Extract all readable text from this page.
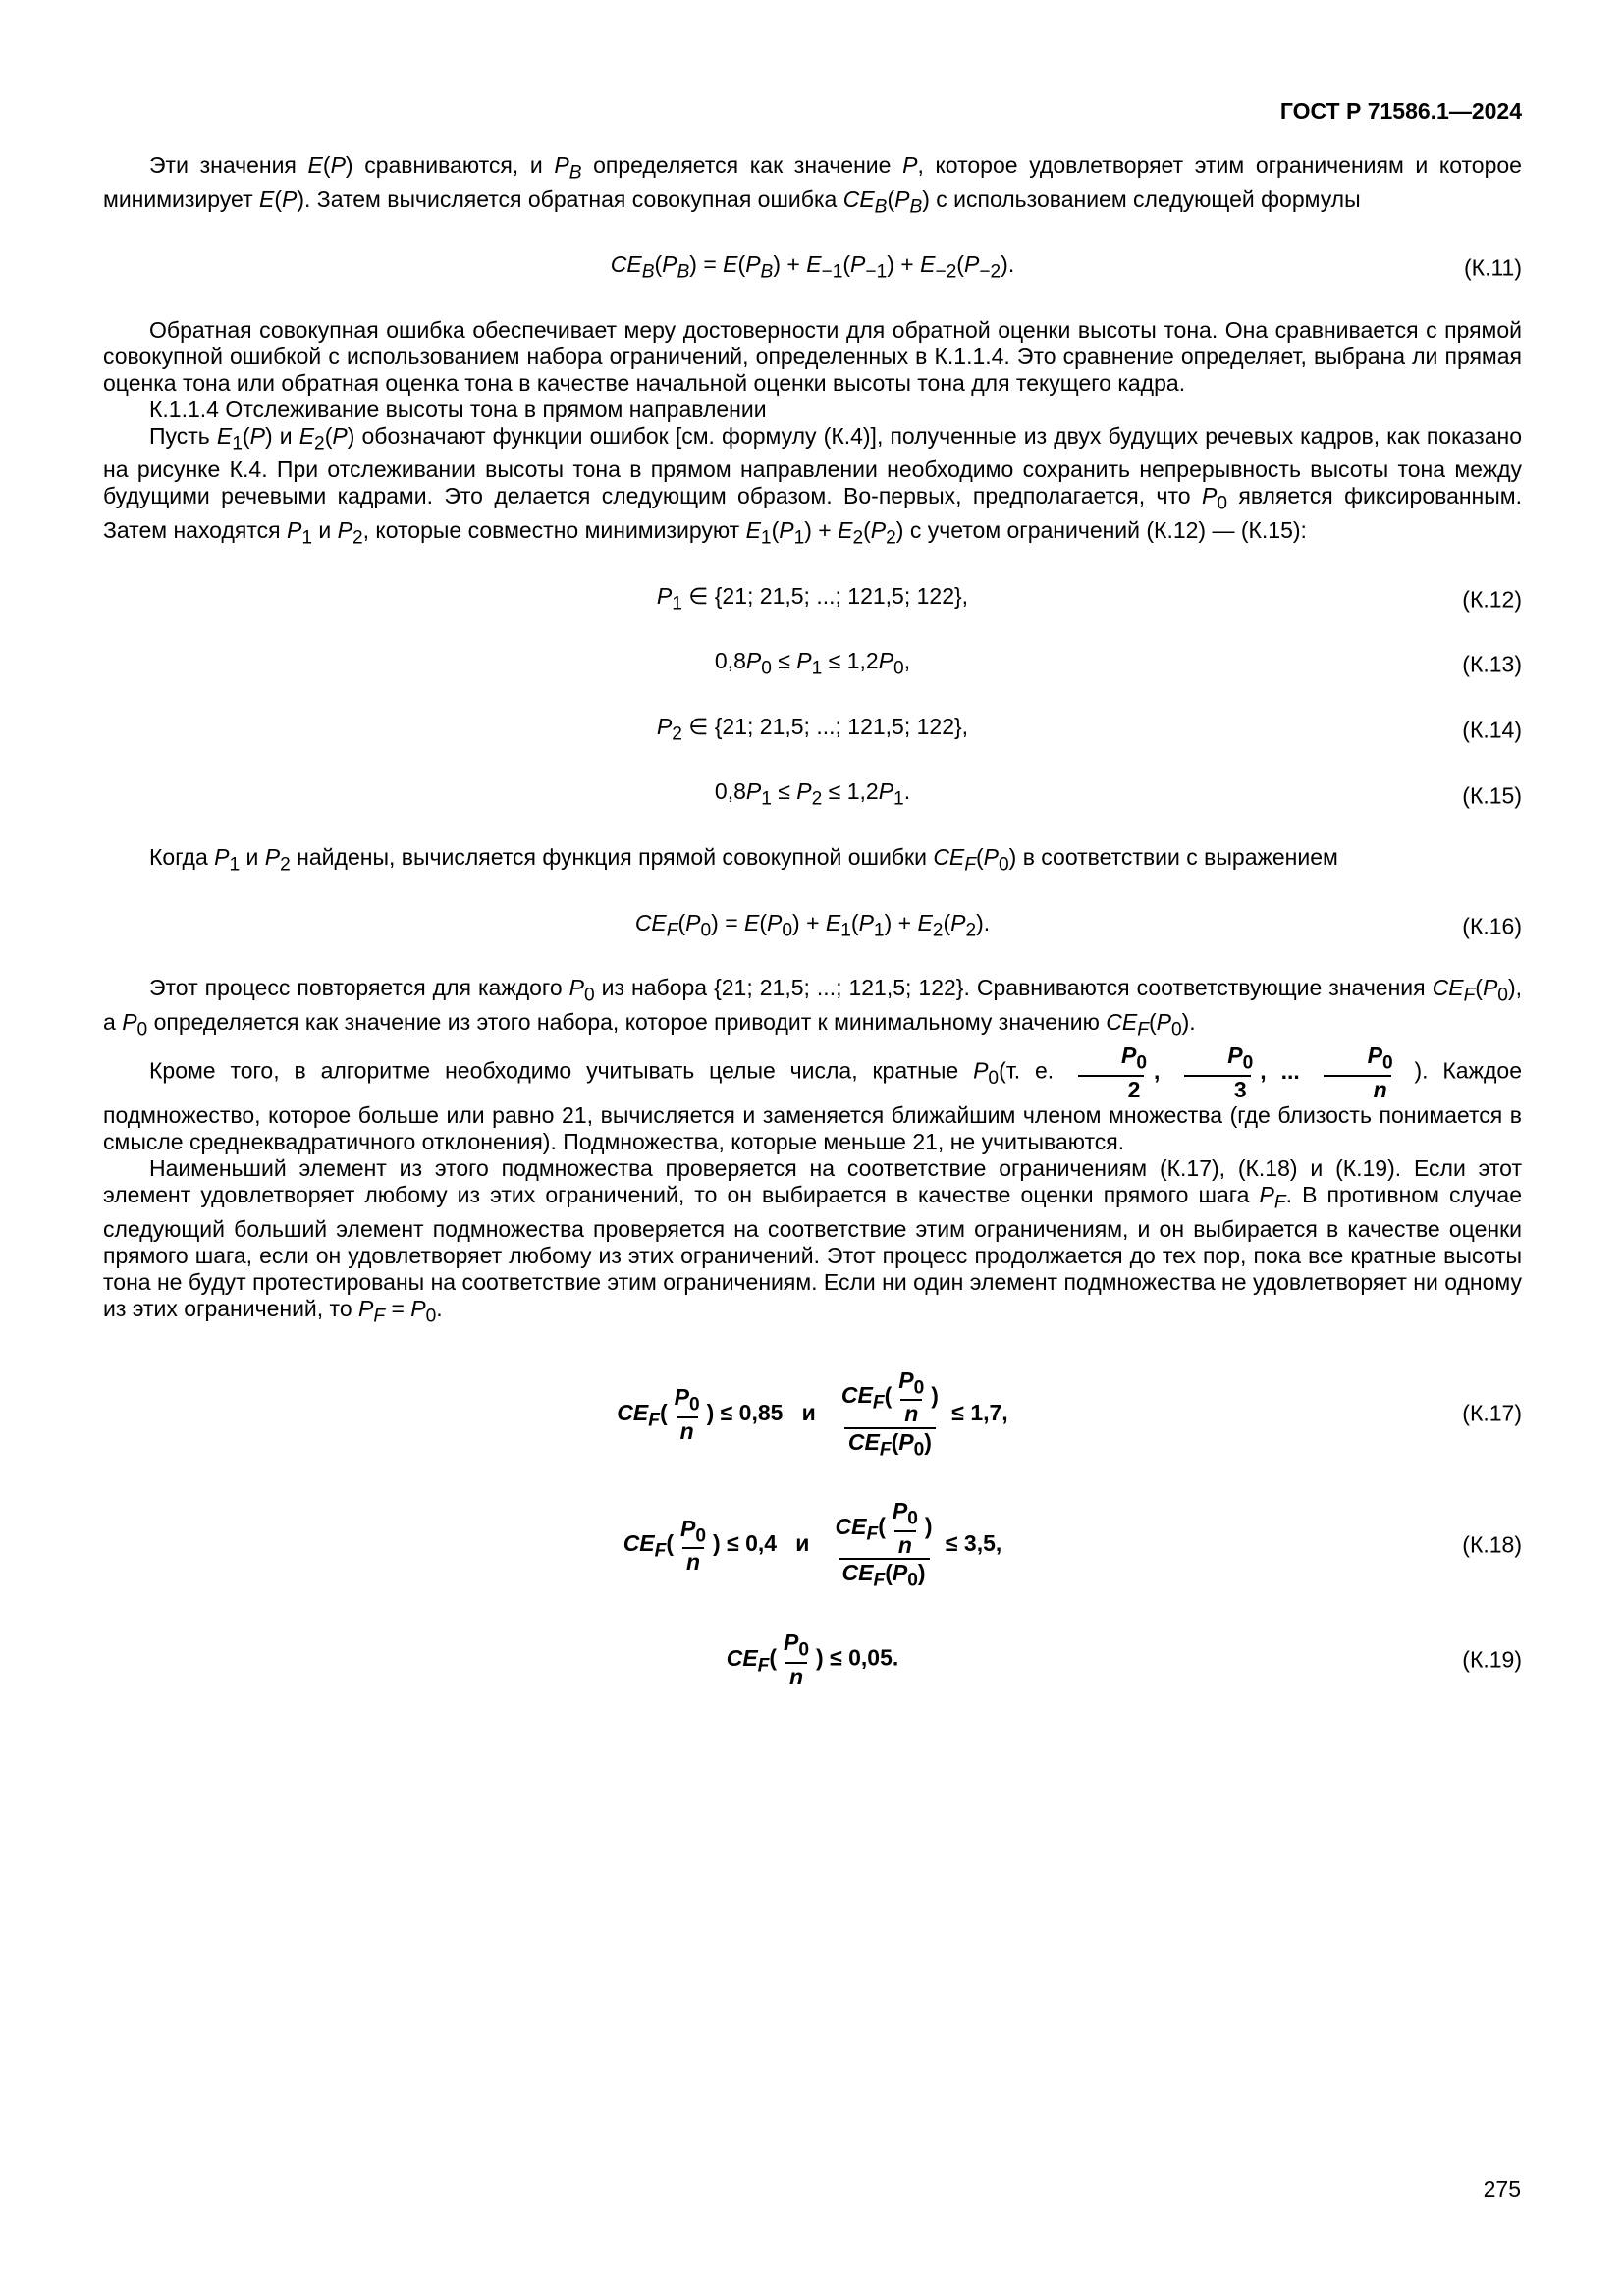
ГОСТ Р 71586.1—2024

Эти значения E(P) сравниваются, и $P_B$ определяется как значение P, которое удовлетворяет этим ограничениям и которое минимизирует E(P). Затем вычисляется обратная совокупная ошибка $CE_B(P_B)$ с использованием следующей формулы

$CE_B(P_B) = E(P_B) + E_{-1}(P_{-1}) + E_{-2}(P_{-2})$.	(К.11)

Обратная совокупная ошибка обеспечивает меру достоверности для обратной оценки высоты тона. Она сравнивается с прямой совокупной ошибкой с использованием набора ограничений, определенных в К.1.1.4. Это сравнение определяет, выбрана ли прямая оценка тона или обратная оценка тона в качестве начальной оценки высоты тона для текущего кадра.

К.1.1.4 Отслеживание высоты тона в прямом направлении

Пусть $E_1(P)$ и $E_2(P)$ обозначают функции ошибок [см. формулу (К.4)], полученные из двух будущих речевых кадров, как показано на рисунке К.4. При отслеживании высоты тона в прямом направлении необходимо сохранить непрерывность высоты тона между будущими речевыми кадрами. Это делается следующим образом. Во-первых, предполагается, что $P_0$ является фиксированным. Затем находятся $P_1$ и $P_2$, которые совместно минимизируют $E_1(P_1) + E_2(P_2)$ с учетом ограничений (К.12) — (К.15):

$P_1$ ∈ {21; 21,5; ...; 121,5; 122},	(К.12)
$0,8P_0 \le P_1 \le 1,2P_0$,	(К.13)
$P_2$ ∈ {21; 21,5; ...; 121,5; 122},	(К.14)
$0,8P_1 \le P_2 \le 1,2P_1$.	(К.15)

Когда $P_1$ и $P_2$ найдены, вычисляется функция прямой совокупной ошибки $CE_F(P_0)$ в соответствии с выражением

$CE_F(P_0) = E(P_0) + E_1(P_1) + E_2(P_2)$.	(К.16)

Этот процесс повторяется для каждого $P_0$ из набора {21; 21,5; ...; 121,5; 122}. Сравниваются соответствующие значения $CE_F(P_0)$, а $P_0$ определяется как значение из этого набора, которое приводит к минимальному значению $CE_F(P_0)$.

Кроме того, в алгоритме необходимо учитывать целые числа, кратные $P_0(т$. е. $\frac{P_0}{2}$ , $\frac{P_0}{3}$ , ... $\frac{P_0}{n}$ ). Каждое подмножество, которое больше или равно 21, вычисляется и заменяется ближайшим членом множества (где близость понимается в смысле среднеквадратичного отклонения). Подмножества, которые меньше 21, не учитываются.

Наименьший элемент из этого подмножества проверяется на соответствие ограничениям (К.17), (К.18) и (К.19). Если этот элемент удовлетворяет любому из этих ограничений, то он выбирается в качестве оценки прямого шага $P_F$. В противном случае следующий больший элемент подмножества проверяется на соответствие этим ограничениям, и он выбирается в качестве оценки прямого шага, если он удовлетворяет любому из этих ограничений. Этот процесс продолжается до тех пор, пока все кратные высоты тона не будут протестированы на соответствие этим ограничениям. Если ни один элемент подмножества не удовлетворяет ни одному из этих ограничений, то $P_F = P_0$.

$CE_F( \frac{P_0}{n}$ ) ≤ 0,85   и
$CE_F( \frac{P_0}{n}$ )
$CE_F(P_0)$
≤ 1,7,	(К.17)
$CE_F( \frac{P_0}{n}$ ) ≤ 0,4   и
$CE_F( \frac{P_0}{n}$ )
$CE_F(P_0)$
≤ 3,5,	(К.18)
$CE_F( \frac{P_0}{n}$ ) ≤ 0,05.	(К.19)
275
